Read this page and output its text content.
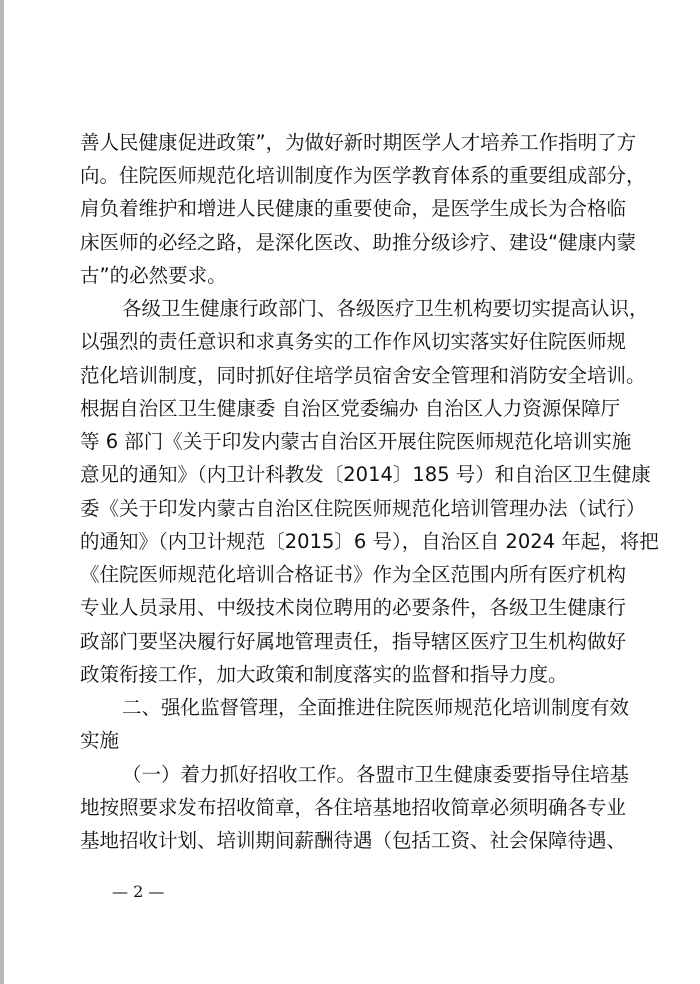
善人民健康促进政策”，为做好新时期医学人才培养工作指明了方
向。住院医师规范化培训制度作为医学教育体系的重要组成部分，
肩负着维护和增进人民健康的重要使命，是医学生成长为合格临
床医师的必经之路，是深化医改、助推分级诊疗、建设“健康内蒙
古”的必然要求。
各级卫生健康行政部门、各级医疗卫生机构要切实提高认识，
以强烈的责任意识和求真务实的工作作风切实落实好住院医师规
范化培训制度，同时抓好住培学员宿舍安全管理和消防安全培训。
根据自治区卫生健康委 自治区党委编办 自治区人力资源保障厅
等 6 部门《关于印发内蒙古自治区开展住院医师规范化培训实施
意见的通知》（内卫计科教发〔2014〕185 号）和自治区卫生健康
委《关于印发内蒙古自治区住院医师规范化培训管理办法（试行）
的通知》（内卫计规范〔2015〕6 号），自治区自 2024 年起，将把
《住院医师规范化培训合格证书》作为全区范围内所有医疗机构
专业人员录用、中级技术岗位聘用的必要条件，各级卫生健康行
政部门要坚决履行好属地管理责任，指导辖区医疗卫生机构做好
政策衔接工作，加大政策和制度落实的监督和指导力度。
二、强化监督管理，全面推进住院医师规范化培训制度有效
实施
（一）着力抓好招收工作。各盟市卫生健康委要指导住培基
地按照要求发布招收简章，各住培基地招收简章必须明确各专业
基地招收计划、培训期间薪酬待遇（包括工资、社会保障待遇、
— 2 —
